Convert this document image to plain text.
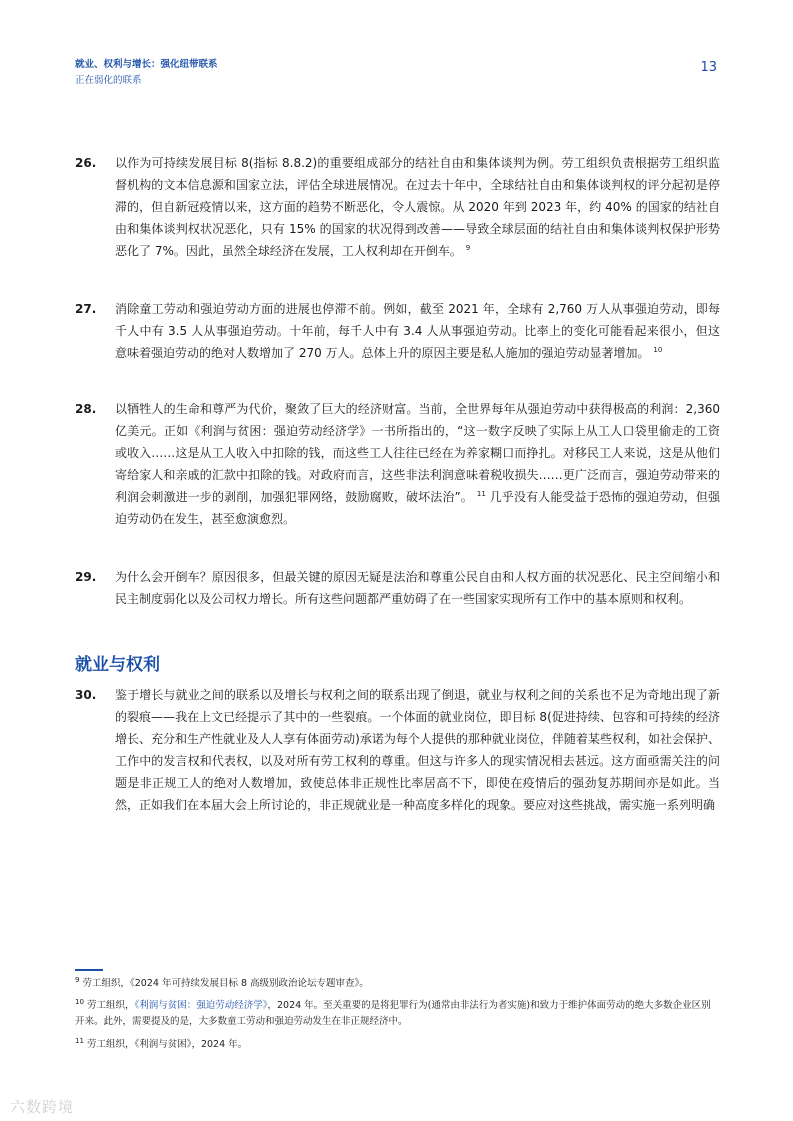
就业、权利与增长：强化纽带联系
正在弱化的联系
13
26. 以作为可持续发展目标 8(指标 8.8.2)的重要组成部分的结社自由和集体谈判为例。劳工组织负责根据劳工组织监督机构的文本信息源和国家立法，评估全球进展情况。在过去十年中，全球结社自由和集体谈判权的评分起初是停滞的，但自新冠疫情以来，这方面的趋势不断恶化，令人震惊。从 2020 年到 2023 年，约 40% 的国家的结社自由和集体谈判权状况恶化，只有 15% 的国家的状况得到改善——导致全球层面的结社自由和集体谈判权保护形势恶化了 7%。因此，虽然全球经济在发展，工人权利却在开倒车。 $^9$
27. 消除童工劳动和强迫劳动方面的进展也停滞不前。例如，截至 2021 年，全球有 2,760 万人从事强迫劳动，即每千人中有 3.5 人从事强迫劳动。十年前，每千人中有 3.4 人从事强迫劳动。比率上的变化可能看起来很小，但这意味着强迫劳动的绝对人数增加了 270 万人。总体上升的原因主要是私人施加的强迫劳动显著增加。 $^{10}$
28. 以牺牲人的生命和尊严为代价，聚敛了巨大的经济财富。当前，全世界每年从强迫劳动中获得极高的利润：2,360 亿美元。正如《利润与贫困：强迫劳动经济学》一书所指出的，“这一数字反映了实际上从工人口袋里偷走的工资或收入……这是从工人收入中扣除的钱，而这些工人往往已经在为养家糊口而挣扎。对移民工人来说，这是从他们寄给家人和亲戚的汇款中扣除的钱。对政府而言，这些非法利润意味着税收损失……更广泛而言，强迫劳动带来的利润会刺激进一步的剥削，加强犯罪网络，鼓励腐败，破坏法治”。 $^{11}$ 几乎没有人能受益于恐怖的强迫劳动，但强迫劳动仍在发生，甚至愈演愈烈。
29. 为什么会开倒车？原因很多，但最关键的原因无疑是法治和尊重公民自由和人权方面的状况恶化、民主空间缩小和民主制度弱化以及公司权力增长。所有这些问题都严重妨碍了在一些国家实现所有工作中的基本原则和权利。
就业与权利
30. 鉴于增长与就业之间的联系以及增长与权利之间的联系出现了倒退，就业与权利之间的关系也不足为奇地出现了新的裂痕——我在上文已经提示了其中的一些裂痕。一个体面的就业岗位，即目标 8(促进持续、包容和可持续的经济增长、充分和生产性就业及人人享有体面劳动)承诺为每个人提供的那种就业岗位，伴随着某些权利，如社会保护、工作中的发言权和代表权，以及对所有劳工权利的尊重。但这与许多人的现实情况相去甚远。这方面亟需关注的问题是非正规工人的绝对人数增加，致使总体非正规性比率居高不下，即使在疫情后的强劲复苏期间亦是如此。当然，正如我们在本届大会上所讨论的，非正规就业是一种高度多样化的现象。要应对这些挑战，需实施一系列明确
$^9$ 劳工组织，《2024 年可持续发展目标 8 高级别政治论坛专题审查》。
$^{10}$ 劳工组织，《利润与贫困：强迫劳动经济学》，2024 年。至关重要的是将犯罪行为(通常由非法行为者实施)和致力于维护体面劳动的绝大多数企业区别开来。此外，需要提及的是，大多数童工劳动和强迫劳动发生在非正规经济中。
$^{11}$ 劳工组织，《利润与贫困》，2024 年。
六数跨境
